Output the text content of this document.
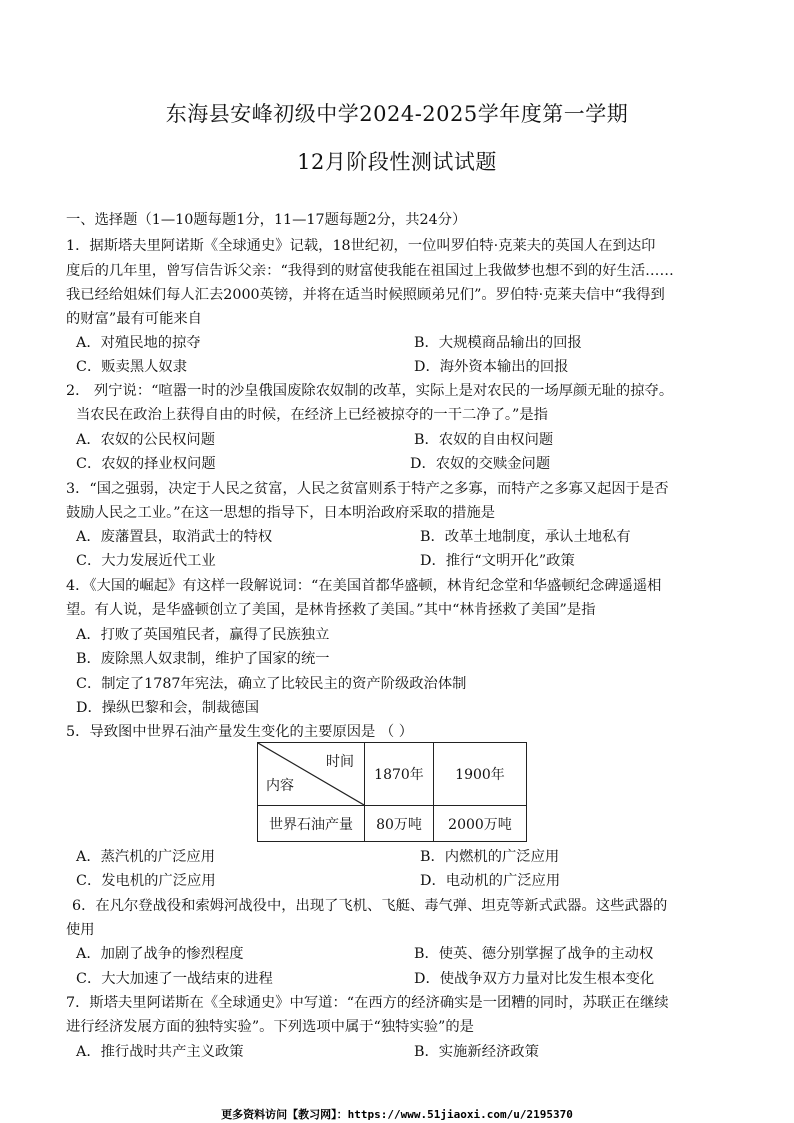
东海县安峰初级中学2024-2025学年度第一学期
12月阶段性测试试题
一、选择题（1—10题每题1分，11—17题每题2分，共24分）
1．据斯塔夫里阿诺斯《全球通史》记载，18世纪初，一位叫罗伯特·克莱夫的英国人在到达印
度后的几年里，曾写信告诉父亲：“我得到的财富使我能在祖国过上我做梦也想不到的好生活……
我已经给姐妹们每人汇去2000英镑，并将在适当时候照顾弟兄们”。罗伯特·克莱夫信中“我得到
的财富”最有可能来自
A．对殖民地的掠夺	B．大规模商品输出的回报
C．贩卖黑人奴隶	D．海外资本输出的回报
2． 列宁说：“喧嚣一时的沙皇俄国废除农奴制的改革，实际上是对农民的一场厚颜无耻的掠夺。
当农民在政治上获得自由的时候，在经济上已经被掠夺的一干二净了。”是指
A．农奴的公民权问题	B．农奴的自由权问题
C．农奴的择业权问题	D．农奴的交赎金问题
3．“国之强弱，决定于人民之贫富，人民之贫富则系于特产之多寡，而特产之多寡又起因于是否
鼓励人民之工业。”在这一思想的指导下，日本明治政府采取的措施是
A．废藩置县，取消武士的特权	B．改革土地制度，承认土地私有
C．大力发展近代工业	D．推行“文明开化”政策
4．《大国的崛起》有这样一段解说词：“在美国首都华盛顿，林肯纪念堂和华盛顿纪念碑遥遥相
望。有人说，是华盛顿创立了美国，是林肯拯救了美国。”其中“林肯拯救了美国”是指
A．打败了英国殖民者，赢得了民族独立
B．废除黑人奴隶制，维护了国家的统一
C．制定了1787年宪法，确立了比较民主的资产阶级政治体制
D．操纵巴黎和会，制裁德国
5．导致图中世界石油产量发生变化的主要原因是 （ ）
时间
内容	1870年	1900年
世界石油产量	80万吨	2000万吨
A．蒸汽机的广泛应用	B．内燃机的广泛应用
C．发电机的广泛应用	D．电动机的广泛应用
6．在凡尔登战役和索姆河战役中，出现了飞机、飞艇、毒气弹、坦克等新式武器。这些武器的
使用
A．加剧了战争的惨烈程度	B．使英、德分别掌握了战争的主动权
C．大大加速了一战结束的进程	D．使战争双方力量对比发生根本变化
7．斯塔夫里阿诺斯在《全球通史》中写道：“在西方的经济确实是一团糟的同时，苏联正在继续
进行经济发展方面的独特实验”。下列选项中属于“独特实验”的是
A．推行战时共产主义政策	B．实施新经济政策
更多资料访问【教习网】：https://www.51jiaoxi.com/u/2195370
